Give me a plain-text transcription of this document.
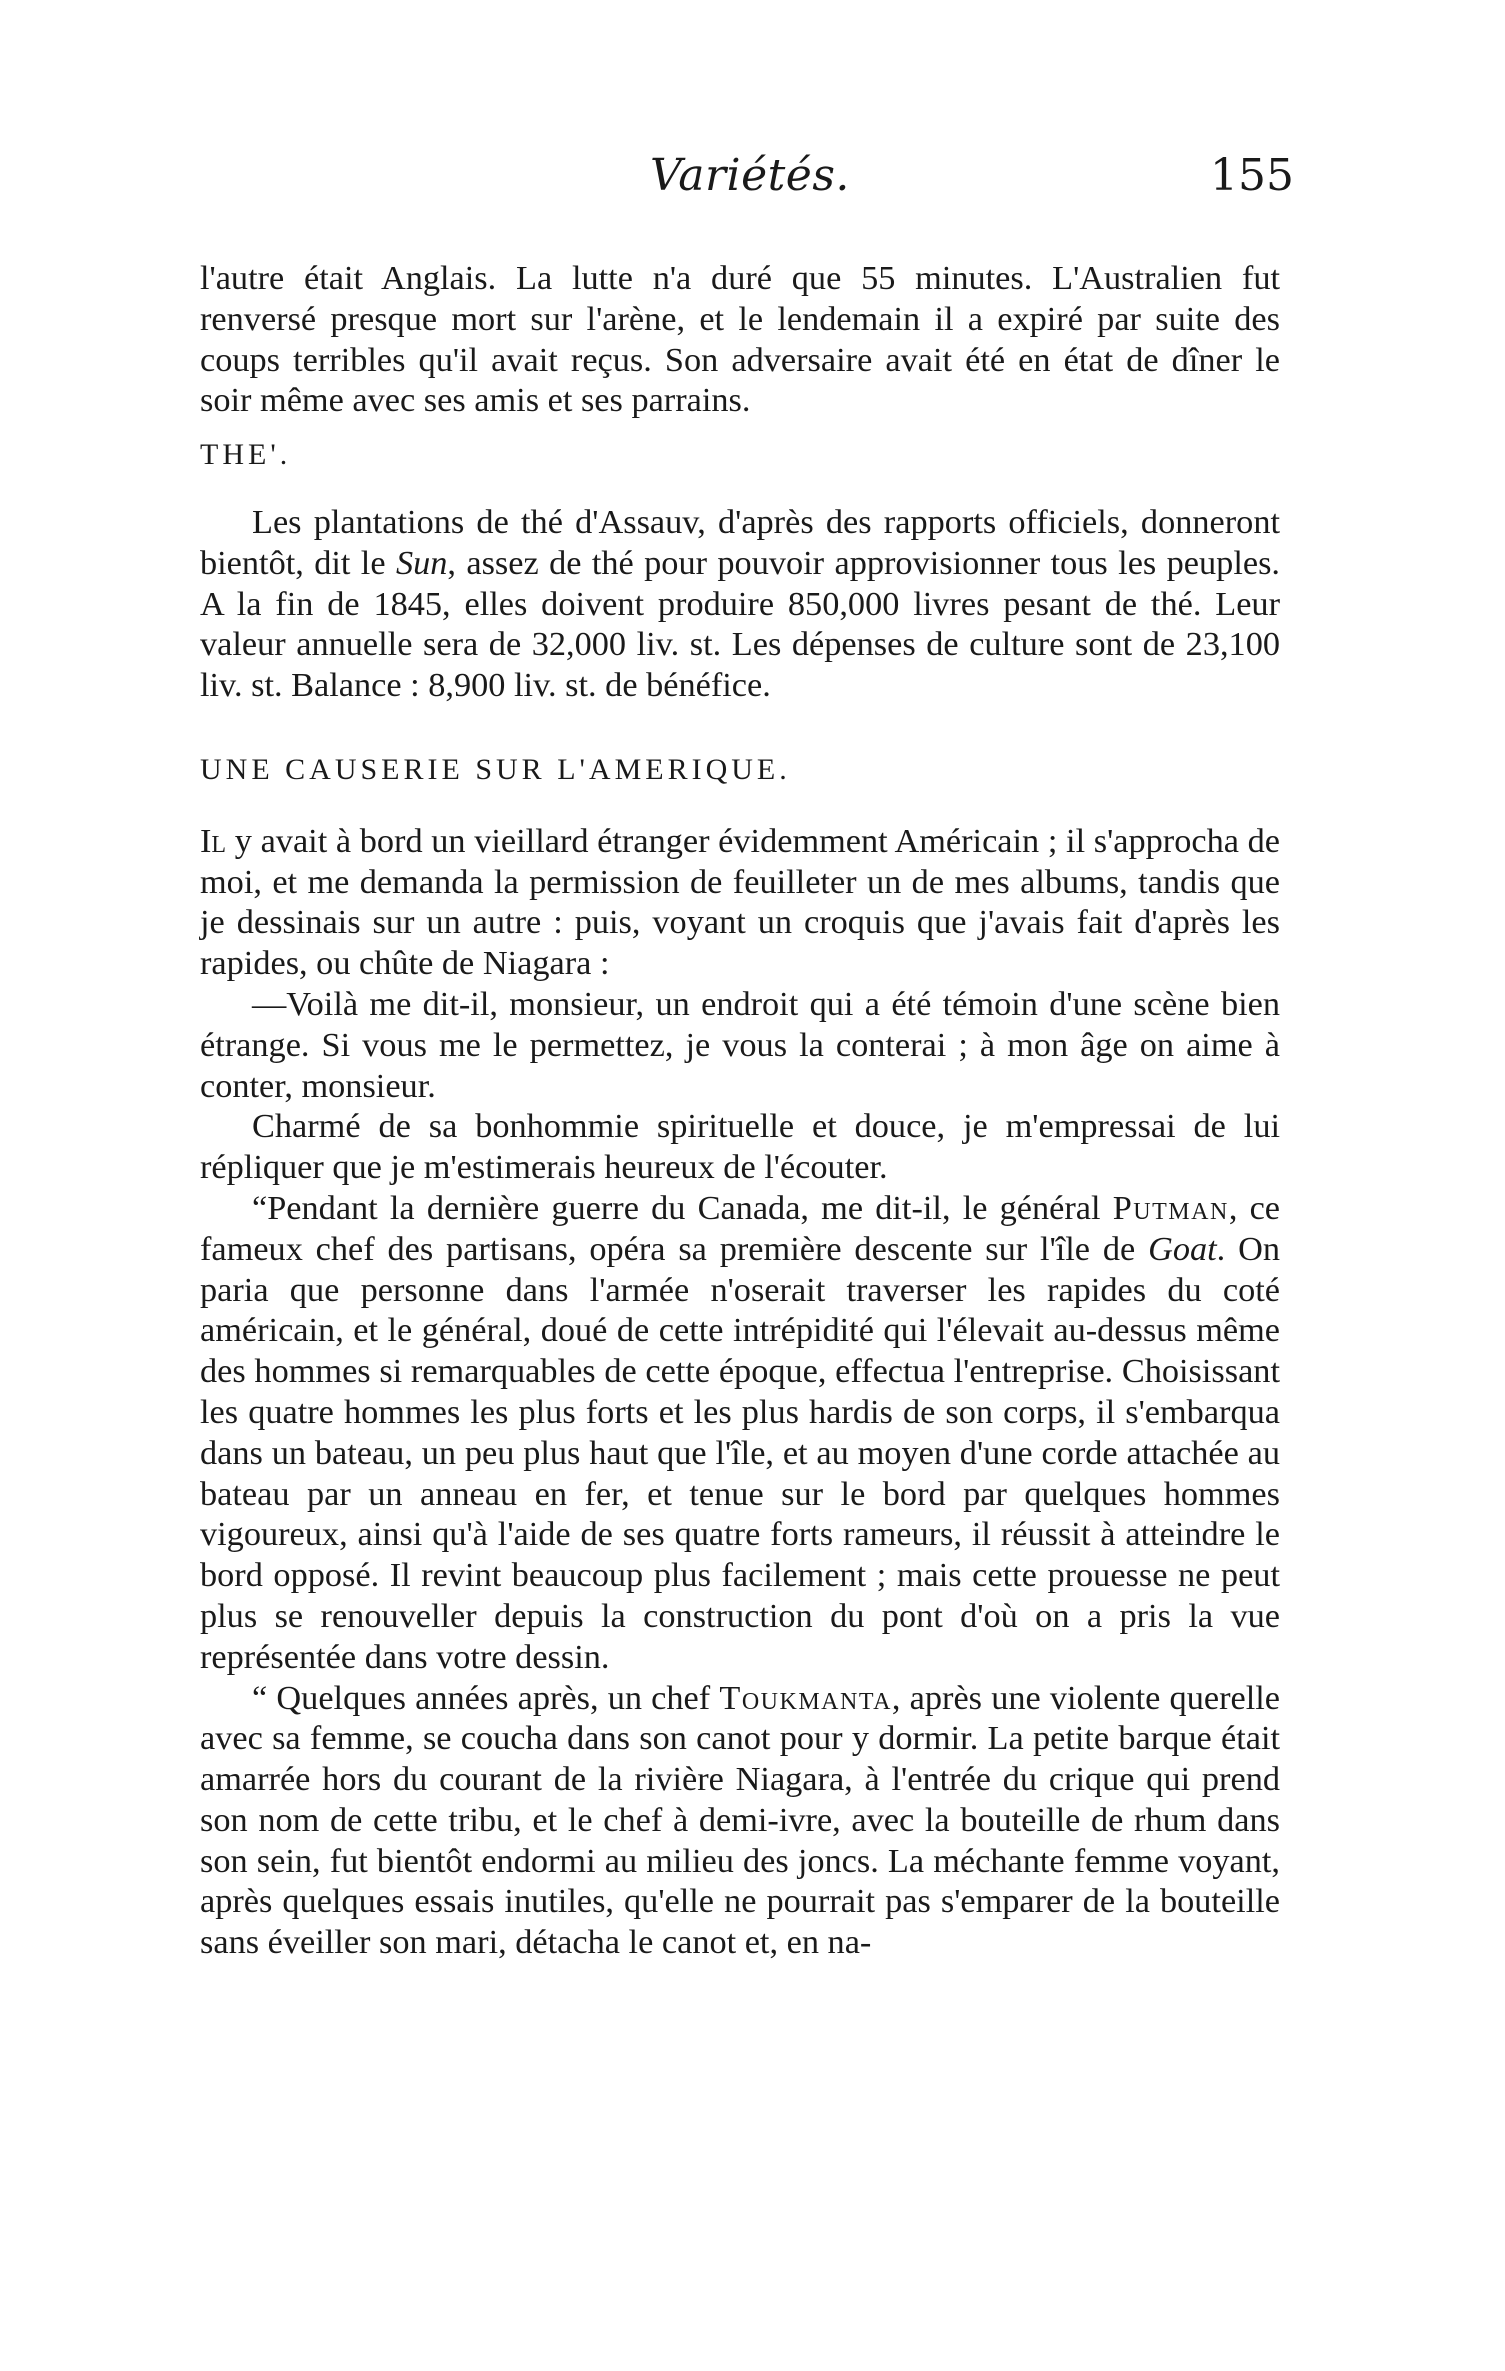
Variétés.	155

l'autre était Anglais. La lutte n'a duré que 55 minutes. L'Australien fut renversé presque mort sur l'arène, et le lendemain il a expiré par suite des coups terribles qu'il avait reçus. Son adversaire avait été en état de dîner le soir même avec ses amis et ses parrains.

THE'.

Les plantations de thé d'Assauv, d'après des rapports officiels, donneront bientôt, dit le Sun, assez de thé pour pouvoir approvisionner tous les peuples. A la fin de 1845, elles doivent produire 850,000 livres pesant de thé. Leur valeur annuelle sera de 32,000 liv. st. Les dépenses de culture sont de 23,100 liv. st. Balance : 8,900 liv. st. de bénéfice.

UNE CAUSERIE SUR L'AMERIQUE.

Il y avait à bord un vieillard étranger évidemment Américain ; il s'approcha de moi, et me demanda la permission de feuilleter un de mes albums, tandis que je dessinais sur un autre : puis, voyant un croquis que j'avais fait d'après les rapides, ou chûte de Niagara :

—Voilà me dit-il, monsieur, un endroit qui a été témoin d'une scène bien étrange. Si vous me le permettez, je vous la conterai ; à mon âge on aime à conter, monsieur.

Charmé de sa bonhommie spirituelle et douce, je m'empressai de lui répliquer que je m'estimerais heureux de l'écouter.

“Pendant la dernière guerre du Canada, me dit-il, le général Putman, ce fameux chef des partisans, opéra sa première descente sur l'île de Goat. On paria que personne dans l'armée n'oserait traverser les rapides du coté américain, et le général, doué de cette intrépidité qui l'élevait au-dessus même des hommes si remarquables de cette époque, effectua l'entreprise. Choisissant les quatre hommes les plus forts et les plus hardis de son corps, il s'embarqua dans un bateau, un peu plus haut que l'île, et au moyen d'une corde attachée au bateau par un anneau en fer, et tenue sur le bord par quelques hommes vigoureux, ainsi qu'à l'aide de ses quatre forts rameurs, il réussit à atteindre le bord opposé. Il revint beaucoup plus facilement ; mais cette prouesse ne peut plus se renouveller depuis la construction du pont d'où on a pris la vue représentée dans votre dessin.

“ Quelques années après, un chef Toukmanta, après une violente querelle avec sa femme, se coucha dans son canot pour y dormir. La petite barque était amarrée hors du courant de la rivière Niagara, à l'entrée du crique qui prend son nom de cette tribu, et le chef à demi-ivre, avec la bouteille de rhum dans son sein, fut bientôt endormi au milieu des joncs. La méchante femme voyant, après quelques essais inutiles, qu'elle ne pourrait pas s'emparer de la bouteille sans éveiller son mari, détacha le canot et, en na-
